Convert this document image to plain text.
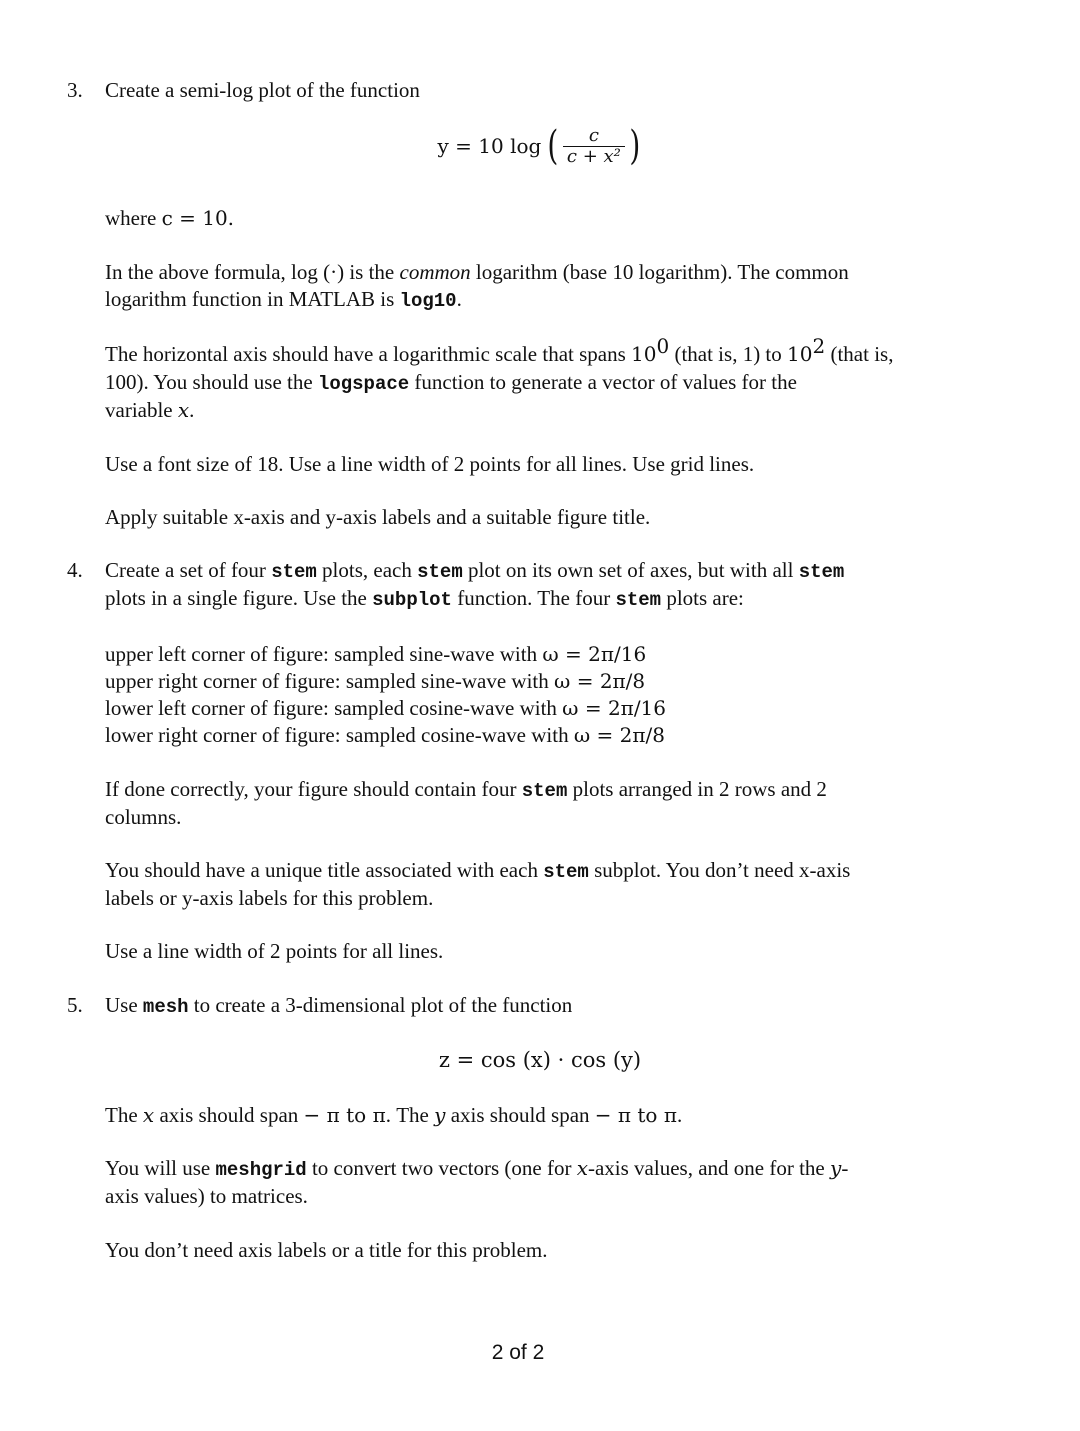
3. Create a semi-log plot of the function
y = 10 log ( $\frac{c}{\text{c + x²}}$ )
where c = 10.
In the above formula, log (·) is the common logarithm (base 10 logarithm). The common
logarithm function in MATLAB is log10.
The horizontal axis should have a logarithmic scale that spans $10^0$ (that is, 1) to $10^2$ (that is,
100). You should use the logspace function to generate a vector of values for the
variable x.
Use a font size of 18. Use a line width of 2 points for all lines. Use grid lines.
Apply suitable x-axis and y-axis labels and a suitable figure title.
4. Create a set of four stem plots, each stem plot on its own set of axes, but with all stem
plots in a single figure. Use the subplot function. The four stem plots are:
upper left corner of figure: sampled sine-wave with ω = 2π/16
upper right corner of figure: sampled sine-wave with ω = 2π/8
lower left corner of figure: sampled cosine-wave with ω = 2π/16
lower right corner of figure: sampled cosine-wave with ω = 2π/8
If done correctly, your figure should contain four stem plots arranged in 2 rows and 2
columns.
You should have a unique title associated with each stem subplot. You don’t need x-axis
labels or y-axis labels for this problem.
Use a line width of 2 points for all lines.
5. Use mesh to create a 3-dimensional plot of the function
z = cos (x) · cos (y)
The x axis should span − π to π. The y axis should span − π to π.
You will use meshgrid to convert two vectors (one for x-axis values, and one for the y-
axis values) to matrices.
You don’t need axis labels or a title for this problem.
2 of 2
